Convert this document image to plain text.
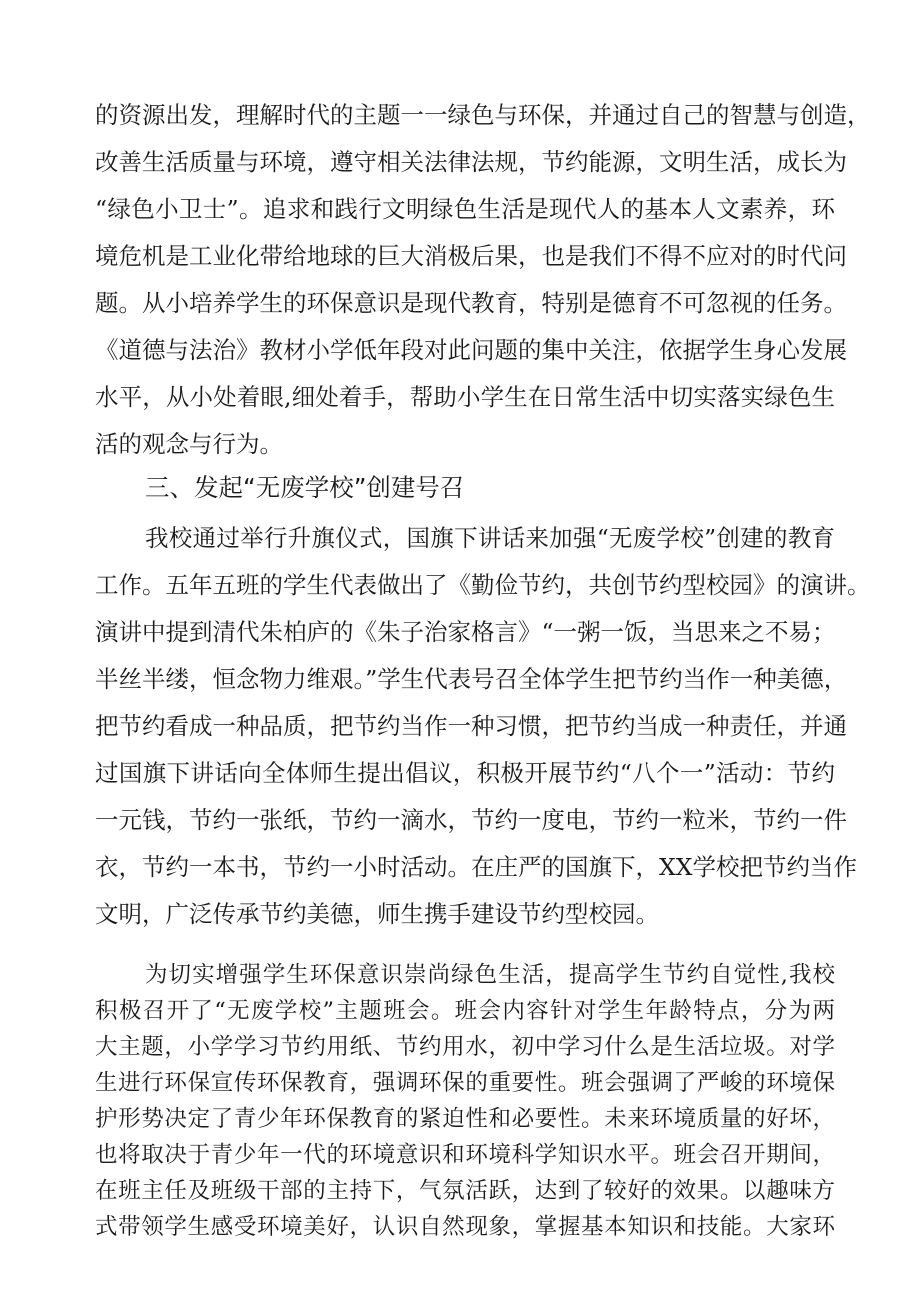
的资源出发，理解时代的主题一一绿色与环保，并通过自己的智慧与创造，
改善生活质量与环境，遵守相关法律法规，节约能源，文明生活，成长为
“绿色小卫士”。追求和践行文明绿色生活是现代人的基本人文素养，环
境危机是工业化带给地球的巨大消极后果，也是我们不得不应对的时代问
题。从小培养学生的环保意识是现代教育，特别是德育不可忽视的任务。
《道德与法治》教材小学低年段对此问题的集中关注，依据学生身心发展
水平，从小处着眼,细处着手，帮助小学生在日常生活中切实落实绿色生
活的观念与行为。
三、发起“无废学校”创建号召
我校通过举行升旗仪式，国旗下讲话来加强“无废学校”创建的教育
工作。五年五班的学生代表做出了《勤俭节约，共创节约型校园》的演讲。
演讲中提到清代朱柏庐的《朱子治家格言》“一粥一饭，当思来之不易；
半丝半缕，恒念物力维艰。”学生代表号召全体学生把节约当作一种美德，
把节约看成一种品质，把节约当作一种习惯，把节约当成一种责任，并通
过国旗下讲话向全体师生提出倡议，积极开展节约“八个一”活动：节约
一元钱，节约一张纸，节约一滴水，节约一度电，节约一粒米，节约一件
衣，节约一本书，节约一小时活动。在庄严的国旗下，XX学校把节约当作
文明，广泛传承节约美德，师生携手建设节约型校园。
为切实增强学生环保意识崇尚绿色生活，提高学生节约自觉性,我校
积极召开了“无废学校”主题班会。班会内容针对学生年龄特点，分为两
大主题，小学学习节约用纸、节约用水，初中学习什么是生活垃圾。对学
生进行环保宣传环保教育，强调环保的重要性。班会强调了严峻的环境保
护形势决定了青少年环保教育的紧迫性和必要性。未来环境质量的好坏，
也将取决于青少年一代的环境意识和环境科学知识水平。班会召开期间，
在班主任及班级干部的主持下，气氛活跃，达到了较好的效果。以趣味方
式带领学生感受环境美好，认识自然现象，掌握基本知识和技能。大家环
